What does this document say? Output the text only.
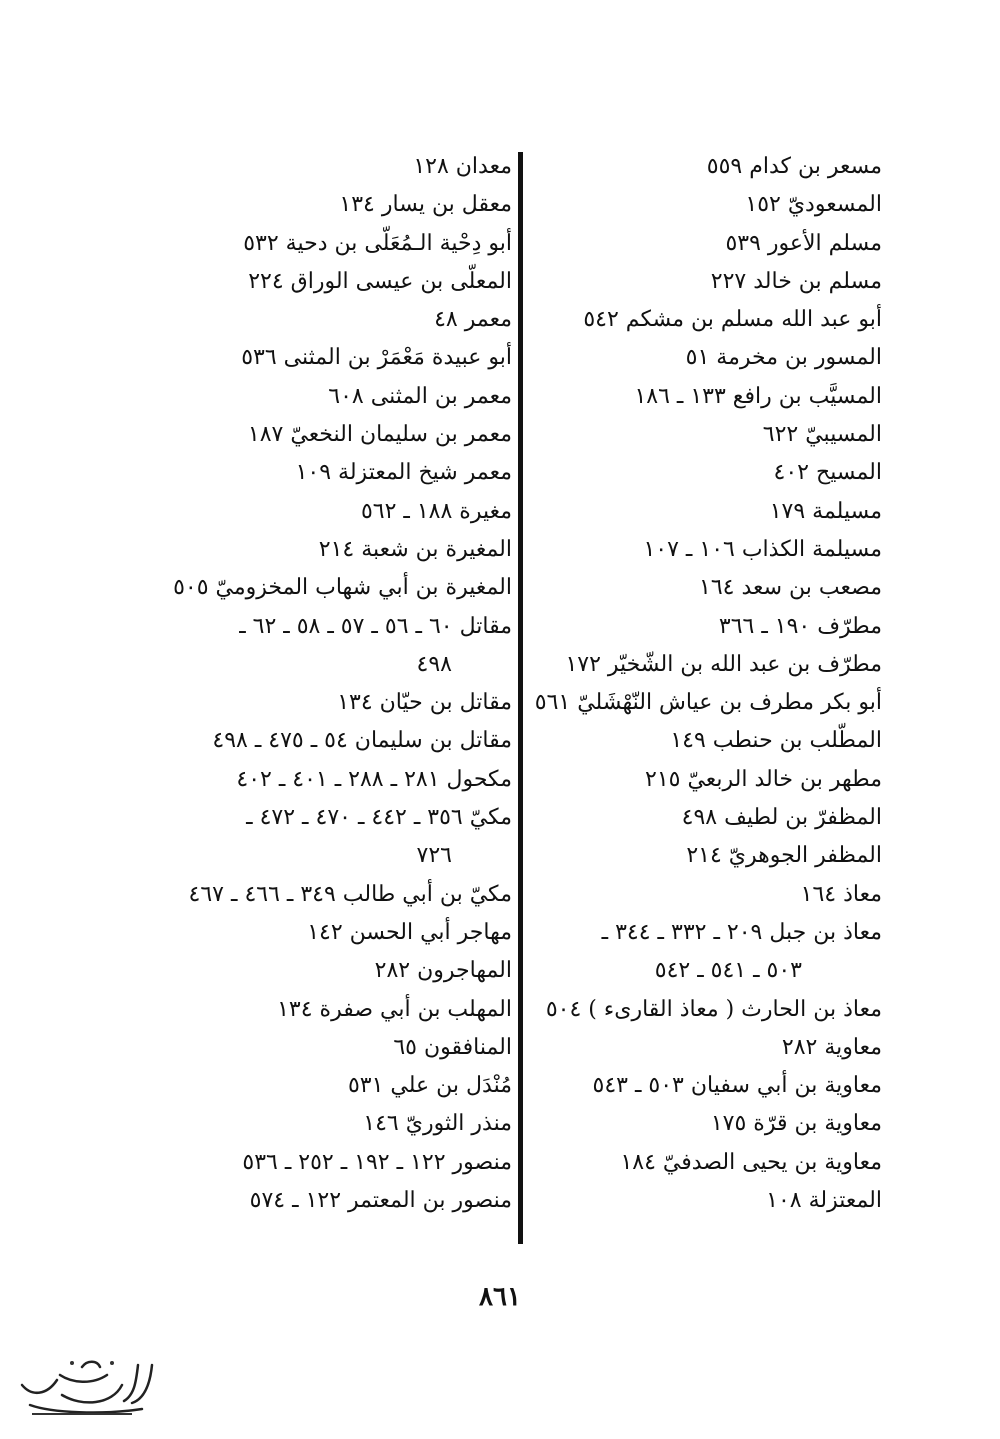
مسعر بن كدام ٥٥٩
المسعوديّ ١٥٢
مسلم الأعور ٥٣٩
مسلم بن خالد ٢٢٧
أبو عبد الله مسلم بن مشكم ٥٤٢
المسور بن مخرمة ٥١
المسيَّب بن رافع ١٣٣ ـ ١٨٦
المسيبيّ ٦٢٢
المسيح ٤٠٢
مسيلمة ١٧٩
مسيلمة الكذاب ١٠٦ ـ ١٠٧
مصعب بن سعد ١٦٤
مطرّف ١٩٠ ـ ٣٦٦
مطرّف بن عبد الله بن الشّخيّر ١٧٢
أبو بكر مطرف بن عياش النّهْشَليّ ٥٦١
المطّلب بن حنطب ١٤٩
مطهر بن خالد الربعيّ ٢١٥
المظفرّ بن لطيف ٤٩٨
المظفر الجوهريّ ٢١٤
معاذ ١٦٤
معاذ بن جبل ٢٠٩ ـ ٣٣٢ ـ ٣٤٤ ـ
٥٠٣ ـ ٥٤١ ـ ٥٤٢
معاذ بن الحارث ( معاذ القارىء ) ٥٠٤
معاوية ٢٨٢
معاوية بن أبي سفيان ٥٠٣ ـ ٥٤٣
معاوية بن قرّة ١٧٥
معاوية بن يحيى الصدفيّ ١٨٤
المعتزلة ١٠٨
معدان ١٢٨
معقل بن يسار ١٣٤
أبو دِحْية الـمُعَلّى بن دحية ٥٣٢
المعلّى بن عيسى الوراق ٢٢٤
معمر ٤٨
أبو عبيدة مَعْمَرْ بن المثنى ٥٣٦
معمر بن المثنى ٦٠٨
معمر بن سليمان النخعيّ ١٨٧
معمر شيخ المعتزلة ١٠٩
مغيرة ١٨٨ ـ ٥٦٢
المغيرة بن شعبة ٢١٤
المغيرة بن أبي شهاب المخزوميّ ٥٠٥
مقاتل ٦٠ ـ ٥٦ ـ ٥٧ ـ ٥٨ ـ ٦٢ ـ
٤٩٨
مقاتل بن حيّان ١٣٤
مقاتل بن سليمان ٥٤ ـ ٤٧٥ ـ ٤٩٨
مكحول ٢٨١ ـ ٢٨٨ ـ ٤٠١ ـ ٤٠٢
مكيّ ٣٥٦ ـ ٤٤٢ ـ ٤٧٠ ـ ٤٧٢ ـ
٧٢٦
مكيّ بن أبي طالب ٣٤٩ ـ ٤٦٦ ـ ٤٦٧
مهاجر أبي الحسن ١٤٢
المهاجرون ٢٨٢
المهلب بن أبي صفرة ١٣٤
المنافقون ٦٥
مُنْدَل بن علي ٥٣١
منذر الثوريّ ١٤٦
منصور ١٢٢ ـ ١٩٢ ـ ٢٥٢ ـ ٥٣٦
منصور بن المعتمر ١٢٢ ـ ٥٧٤
٨٦١
